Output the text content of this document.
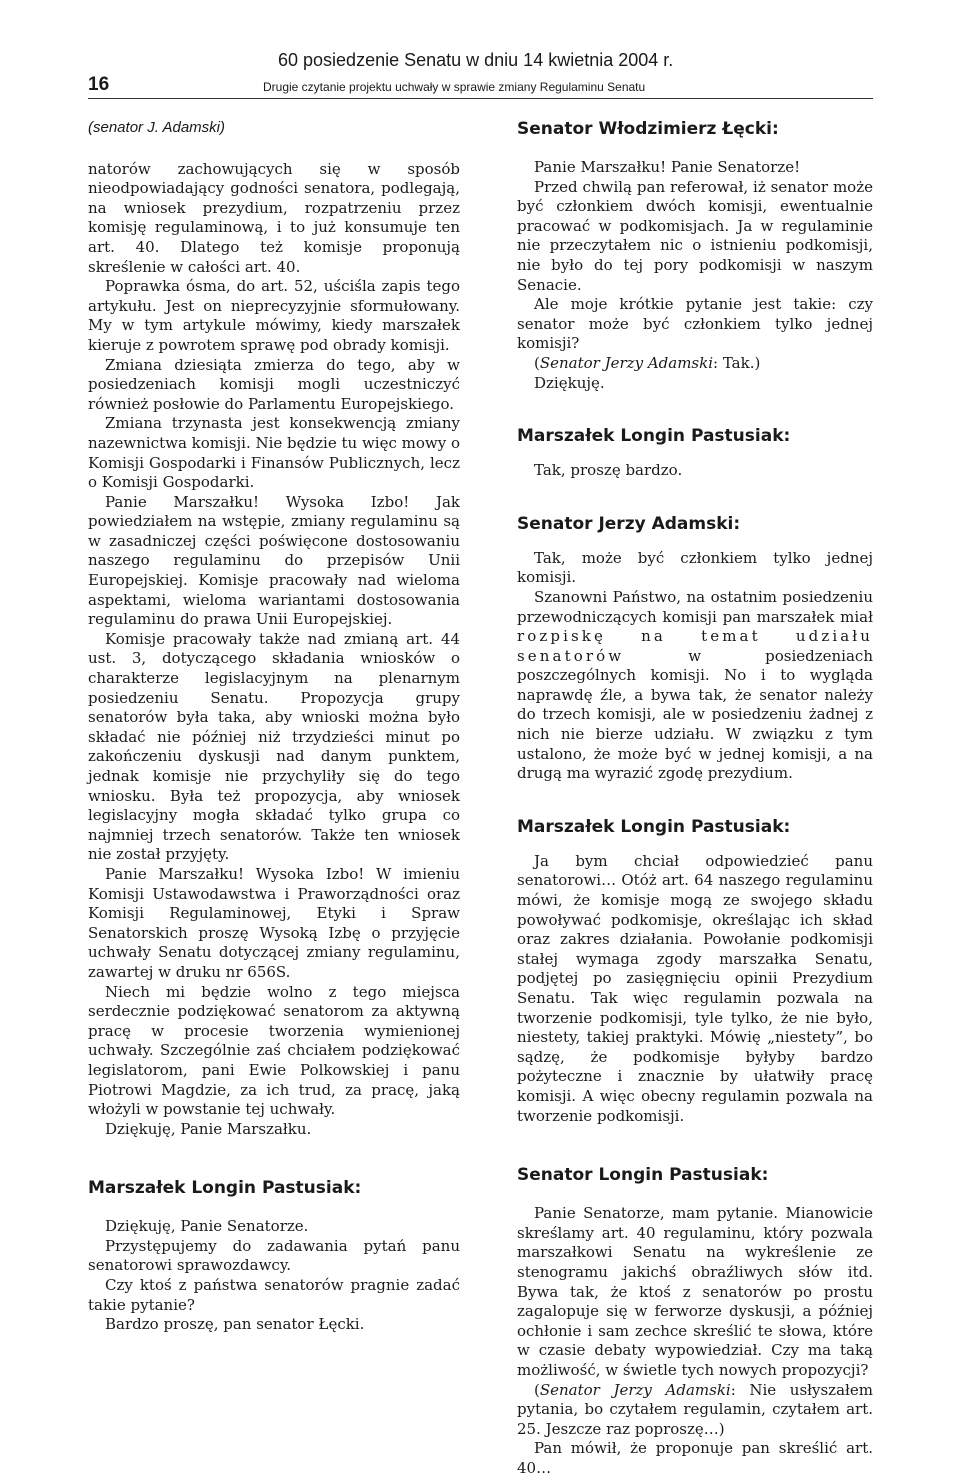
16
60 posiedzenie Senatu w dniu 14 kwietnia 2004 r.
Drugie czytanie projektu uchwały w sprawie zmiany Regulaminu Senatu
(senator J. Adamski)

natorów zachowujących się w sposób nieodpowiadający godności senatora, podlegają, na wniosek prezydium, rozpatrzeniu przez komisję regulaminową, i to już konsumuje ten art. 40. Dlatego też komisje proponują skreślenie w całości art. 40.

Poprawka ósma, do art. 52, uściśla zapis tego artykułu. Jest on nieprecyzyjnie sformułowany. My w tym artykule mówimy, kiedy marszałek kieruje z powrotem sprawę pod obrady komisji.

Zmiana dziesiąta zmierza do tego, aby w posiedzeniach komisji mogli uczestniczyć również posłowie do Parlamentu Europejskiego.

Zmiana trzynasta jest konsekwencją zmiany nazewnictwa komisji. Nie będzie tu więc mowy o Komisji Gospodarki i Finansów Publicznych, lecz o Komisji Gospodarki.

Panie Marszałku! Wysoka Izbo! Jak powiedziałem na wstępie, zmiany regulaminu są w zasadniczej części poświęcone dostosowaniu naszego regulaminu do przepisów Unii Europejskiej. Komisje pracowały nad wieloma aspektami, wieloma wariantami dostosowania regulaminu do prawa Unii Europejskiej.

Komisje pracowały także nad zmianą art. 44 ust. 3, dotyczącego składania wniosków o charakterze legislacyjnym na plenarnym posiedzeniu Senatu. Propozycja grupy senatorów była taka, aby wnioski można było składać nie później niż trzydzieści minut po zakończeniu dyskusji nad danym punktem, jednak komisje nie przychyliły się do tego wniosku. Była też propozycja, aby wniosek legislacyjny mogła składać tylko grupa co najmniej trzech senatorów. Także ten wniosek nie został przyjęty.

Panie Marszałku! Wysoka Izbo! W imieniu Komisji Ustawodawstwa i Praworządności oraz Komisji Regulaminowej, Etyki i Spraw Senatorskich proszę Wysoką Izbę o przyjęcie uchwały Senatu dotyczącej zmiany regulaminu, zawartej w druku nr 656S.

Niech mi będzie wolno z tego miejsca serdecznie podziękować senatorom za aktywną pracę w procesie tworzenia wymienionej uchwały. Szczególnie zaś chciałem podziękować legislatorom, pani Ewie Polkowskiej i panu Piotrowi Magdzie, za ich trud, za pracę, jaką włożyli w powstanie tej uchwały.

Dziękuję, Panie Marszałku.

Marszałek Longin Pastusiak:

Dziękuję, Panie Senatorze.

Przystępujemy do zadawania pytań panu senatorowi sprawozdawcy.

Czy ktoś z państwa senatorów pragnie zadać takie pytanie?

Bardzo proszę, pan senator Łęcki.

Senator Włodzimierz Łęcki:

Panie Marszałku! Panie Senatorze!

Przed chwilą pan referował, iż senator może być członkiem dwóch komisji, ewentualnie pracować w podkomisjach. Ja w regulaminie nie przeczytałem nic o istnieniu podkomisji, nie było do tej pory podkomisji w naszym Senacie.

Ale moje krótkie pytanie jest takie: czy senator może być członkiem tylko jednej komisji?

(Senator Jerzy Adamski: Tak.)

Dziękuję.

Marszałek Longin Pastusiak:

Tak, proszę bardzo.

Senator Jerzy Adamski:

Tak, może być członkiem tylko jednej komisji.

Szanowni Państwo, na ostatnim posiedzeniu przewodniczących komisji pan marszałek miał rozpiskę na temat udziału senatorów	w posiedzeniach poszczególnych komisji. No i to wygląda naprawdę źle, a bywa tak, że senator należy do trzech komisji, ale w posiedzeniu żadnej z nich nie bierze udziału. W związku z tym ustalono, że może być w jednej komisji, a na drugą ma wyrazić zgodę prezydium.

Marszałek Longin Pastusiak:

Ja bym chciał odpowiedzieć panu senatorowi… Otóż art. 64 naszego regulaminu mówi, że komisje mogą ze swojego składu powoływać podkomisje, określając ich skład oraz zakres działania. Powołanie podkomisji stałej wymaga zgody marszałka Senatu, podjętej po zasięgnięciu opinii Prezydium Senatu. Tak więc regulamin pozwala na tworzenie podkomisji, tyle tylko, że nie było, niestety, takiej praktyki. Mówię „niestety”, bo sądzę, że podkomisje byłyby bardzo pożyteczne i znacznie by ułatwiły pracę komisji. A więc obecny regulamin pozwala na tworzenie podkomisji.

Senator Longin Pastusiak:

Panie Senatorze, mam pytanie. Mianowicie skreślamy art. 40 regulaminu, który pozwala marszałkowi Senatu na wykreślenie ze stenogramu jakichś obraźliwych słów itd. Bywa tak, że ktoś z senatorów po prostu zagalopuje się w ferworze dyskusji, a później ochłonie i sam zechce skreślić te słowa, które w czasie debaty wypowiedział. Czy ma taką możliwość, w świetle tych nowych propozycji?

(Senator Jerzy Adamski: Nie usłyszałem pytania, bo czytałem regulamin, czytałem art. 25. Jeszcze raz poproszę…)

Pan mówił, że proponuje pan skreślić art. 40…
